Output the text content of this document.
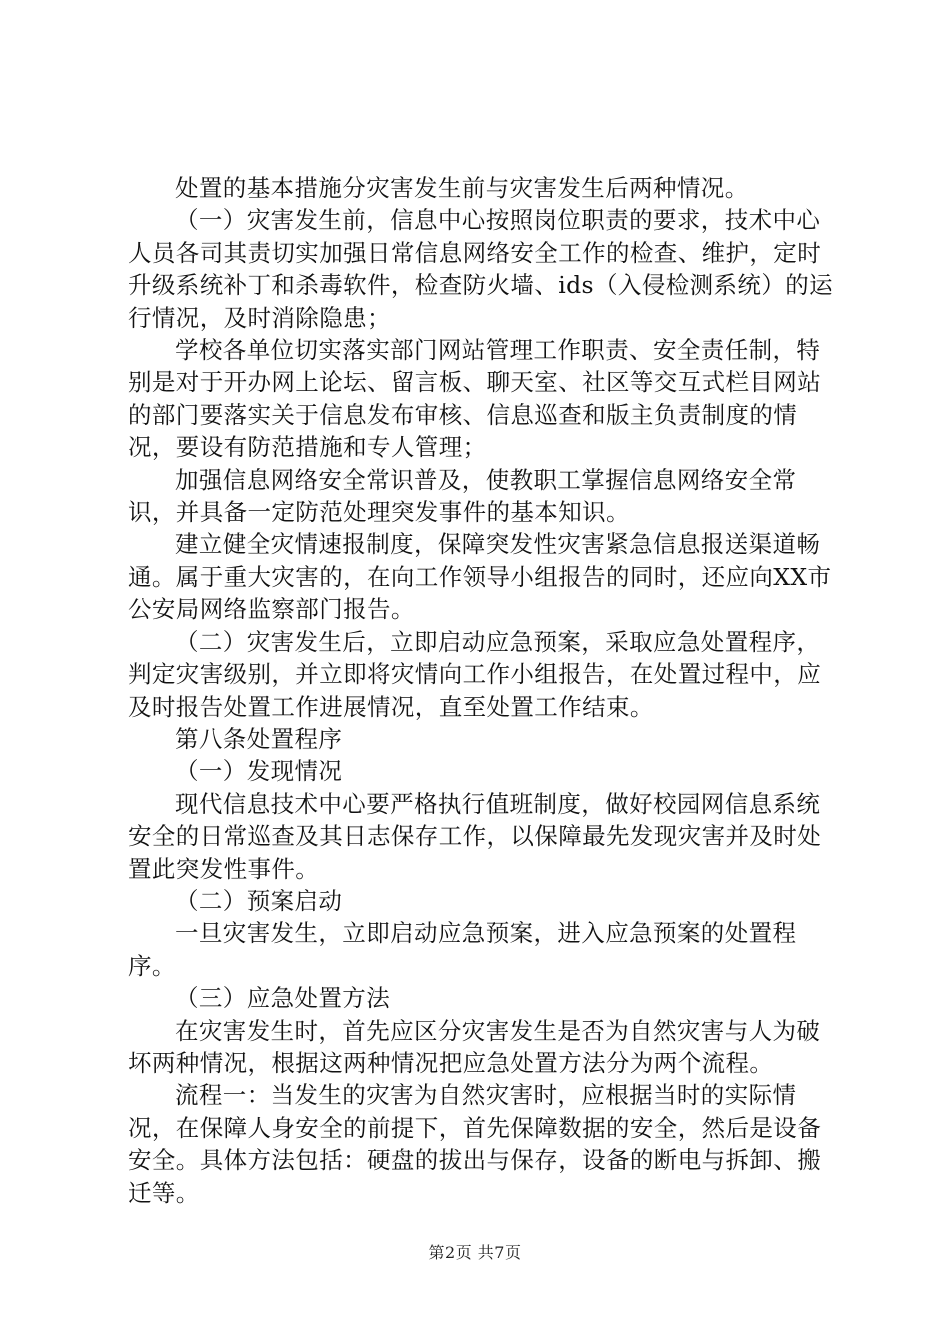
处置的基本措施分灾害发生前与灾害发生后两种情况。

（一）灾害发生前，信息中心按照岗位职责的要求，技术中心人员各司其责切实加强日常信息网络安全工作的检查、维护，定时升级系统补丁和杀毒软件，检查防火墙、ids（入侵检测系统）的运行情况，及时消除隐患；

学校各单位切实落实部门网站管理工作职责、安全责任制，特别是对于开办网上论坛、留言板、聊天室、社区等交互式栏目网站的部门要落实关于信息发布审核、信息巡查和版主负责制度的情况，要设有防范措施和专人管理；

加强信息网络安全常识普及，使教职工掌握信息网络安全常识，并具备一定防范处理突发事件的基本知识。

建立健全灾情速报制度，保障突发性灾害紧急信息报送渠道畅通。属于重大灾害的，在向工作领导小组报告的同时，还应向XX市公安局网络监察部门报告。

（二）灾害发生后，立即启动应急预案，采取应急处置程序，判定灾害级别，并立即将灾情向工作小组报告，在处置过程中，应及时报告处置工作进展情况，直至处置工作结束。

第八条处置程序

（一）发现情况

现代信息技术中心要严格执行值班制度，做好校园网信息系统安全的日常巡查及其日志保存工作，以保障最先发现灾害并及时处置此突发性事件。

（二）预案启动

一旦灾害发生，立即启动应急预案，进入应急预案的处置程序。

（三）应急处置方法

在灾害发生时，首先应区分灾害发生是否为自然灾害与人为破坏两种情况，根据这两种情况把应急处置方法分为两个流程。

流程一：当发生的灾害为自然灾害时，应根据当时的实际情况，在保障人身安全的前提下，首先保障数据的安全，然后是设备安全。具体方法包括：硬盘的拔出与保存，设备的断电与拆卸、搬迁等。

第2页 共7页
